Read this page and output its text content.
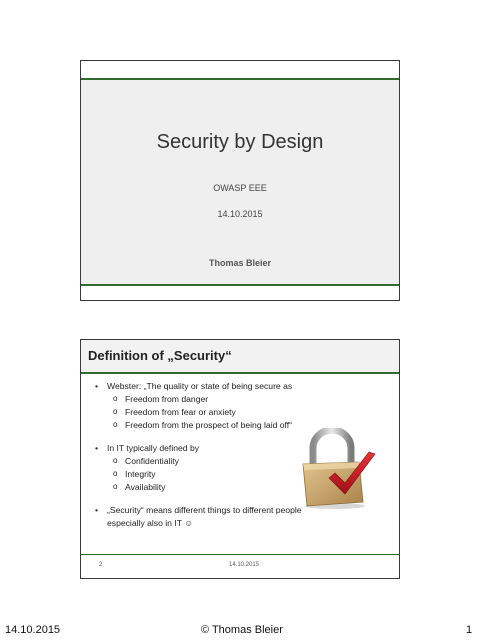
Security by Design
OWASP EEE
14.10.2015
Thomas Bleier
Definition of „Security“
• Webster: „The quality or state of being secure as
o Freedom from danger
o Freedom from fear or anxiety
o Freedom from the prospect of being laid off“
• In IT typically defined by
o Confidentiality
o Integrity
o Availability
• „Security“ means different things to different people especially also in IT ☺
2	14.10.2015
14.10.2015	© Thomas Bleier	1
